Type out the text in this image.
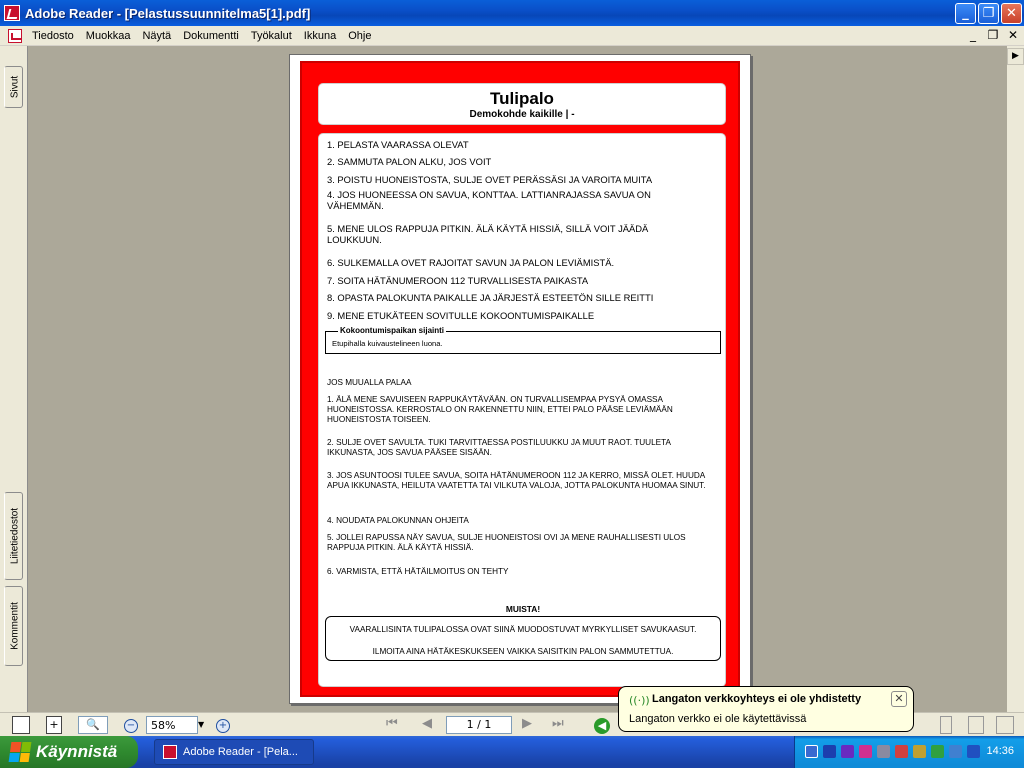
Adobe Reader - [Pelastussuunnitelma5[1].pdf]	_	❐ ✕
Tiedosto	Muokkaa	Näytä	Dokumentti	Työkalut	Ikkuna	Ohje	_ ❐ ✕
Sivut
Liitetiedostot
Kommentit
Tulipalo
Demokohde kaikille | -
1. PELASTA VAARASSA OLEVAT
2. SAMMUTA PALON ALKU, JOS VOIT
3. POISTU HUONEISTOSTA, SULJE OVET PERÄSSÄSI JA VAROITA MUITA
4. JOS HUONEESSA ON SAVUA, KONTTAA. LATTIANRAJASSA SAVUA ON VÄHEMMÄN.
5. MENE ULOS RAPPUJA PITKIN. ÄLÄ KÄYTÄ HISSIÄ, SILLÄ VOIT JÄÄDÄ LOUKKUUN.
6. SULKEMALLA OVET RAJOITAT SAVUN JA PALON LEVIÄMISTÄ.
7. SOITA HÄTÄNUMEROON 112 TURVALLISESTA PAIKASTA
8. OPASTA PALOKUNTA PAIKALLE JA JÄRJESTÄ ESTEETÖN SILLE REITTI
9. MENE ETUKÄTEEN SOVITULLE KOKOONTUMISPAIKALLE
Kokoontumispaikan sijainti
Etupihalla kuivaustelineen luona.
JOS MUUALLA PALAA
1. ÄLÄ MENE SAVUISEEN RAPPUKÄYTÄVÄÄN. ON TURVALLISEMPAA PYSYÄ OMASSA HUONEISTOSSA. KERROSTALO ON RAKENNETTU NIIN, ETTEI PALO PÄÄSE LEVIÄMÄÄN HUONEISTOSTA TOISEEN.
2. SULJE OVET SAVULTA. TUKI TARVITTAESSA POSTILUUKKU JA MUUT RAOT. TUULETA IKKUNASTA, JOS SAVUA PÄÄSEE SISÄÄN.
3. JOS ASUNTOOSI TULEE SAVUA, SOITA HÄTÄNUMEROON 112 JA KERRO, MISSÄ OLET. HUUDA APUA IKKUNASTA, HEILUTA VAATETTA TAI VILKUTA VALOJA, JOTTA PALOKUNTA HUOMAA SINUT.
4. NOUDATA PALOKUNNAN OHJEITA
5. JOLLEI RAPUSSA NÄY SAVUA, SULJE HUONEISTOSI OVI JA MENE RAUHALLISESTI ULOS RAPPUJA PITKIN. ÄLÄ KÄYTÄ HISSIÄ.
6. VARMISTA, ETTÄ HÄTÄILMOITUS ON TEHTY
MUISTA!
VAARALLISINTA TULIPALOSSA OVAT SIINÄ MUODOSTUVAT MYRKYLLISET SAVUKAASUT.
ILMOITA AINA HÄTÄKESKUKSEEN VAIKKA SAISITKIN PALON SAMMUTETTUA.
▶
+	🔍	−	58%	▼	+	⏮ ◀	1 / 1	▶ ⏭	◀
Käynnistä	Adobe Reader - [Pela...	14:36
((·)) Langaton verkkoyhteys ei ole yhdistetty
Langaton verkko ei ole käytettävissä
✕
